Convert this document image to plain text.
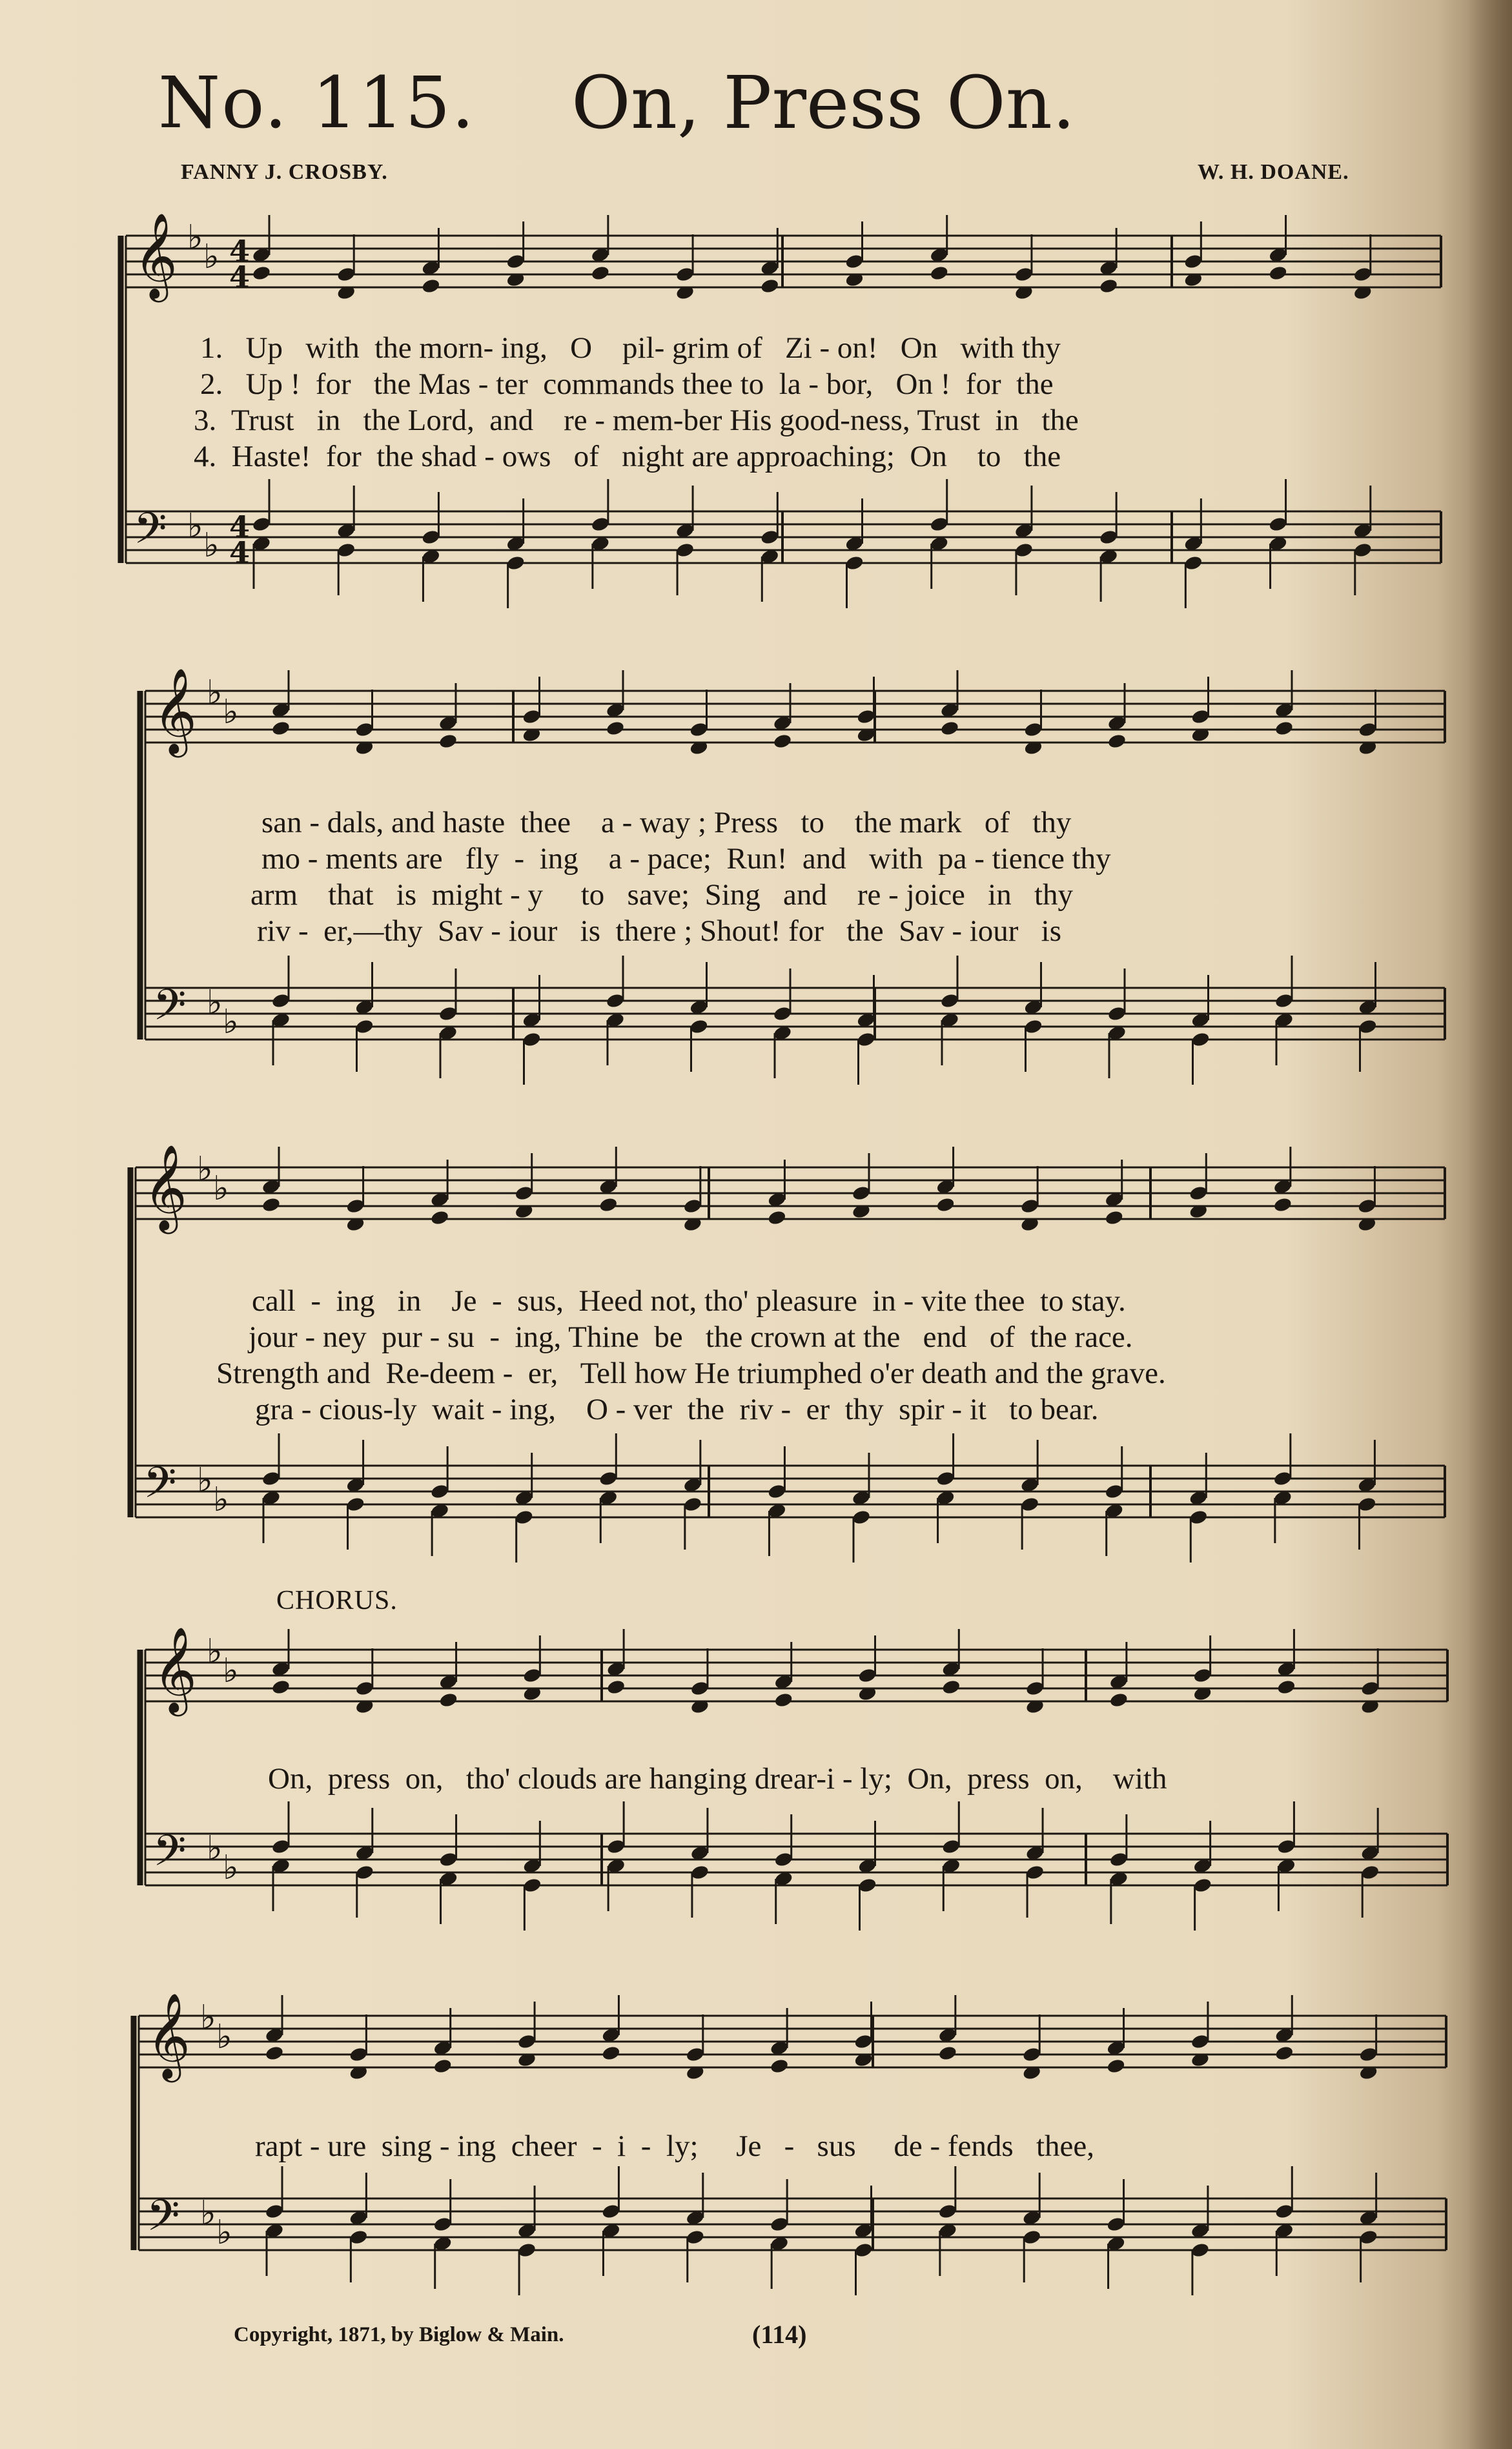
No. 115. On, Press On.
FANNY J. CROSBY.	W. H. DOANE.
𝄞 ♭ ♭
𝄢 ♭ ♭
4
4
4
4
𝄞 ♭ ♭
𝄢 ♭ ♭
𝄞 ♭ ♭
𝄢 ♭ ♭
𝄞 ♭ ♭
𝄢 ♭ ♭
𝄞 ♭ ♭
𝄢 ♭ ♭
1.   Up   with  the morn- ing,   O    pil- grim of   Zi - on!   On   with thy
2.   Up !  for   the Mas - ter  commands thee to  la - bor,   On !  for  the
3.  Trust   in   the Lord,  and    re - mem-ber His good-ness, Trust  in   the
4.  Haste!  for  the shad - ows   of   night are approaching;  On    to   the
san - dals, and haste  thee    a - way ; Press   to    the mark   of   thy
mo - ments are   fly  -  ing    a - pace;  Run!  and   with  pa - tience thy
arm    that   is  might - y     to   save;  Sing   and    re - joice   in   thy
riv -  er,—thy  Sav - iour   is  there ; Shout! for   the  Sav - iour   is
call  -  ing   in    Je  -  sus,  Heed not, tho' pleasure  in - vite thee  to stay.
jour - ney  pur - su  -  ing, Thine  be   the crown at the   end   of  the race.
Strength and  Re-deem -  er,   Tell how He triumphed o'er death and the grave.
gra - cious-ly  wait - ing,    O - ver  the  riv -  er  thy  spir - it   to bear.
CHORUS.
On,  press  on,   tho' clouds are hanging drear-i - ly;  On,  press  on,    with
rapt - ure  sing - ing  cheer  -  i  -  ly;     Je   -   sus     de - fends   thee,
Copyright, 1871, by Biglow & Main.	(114)
